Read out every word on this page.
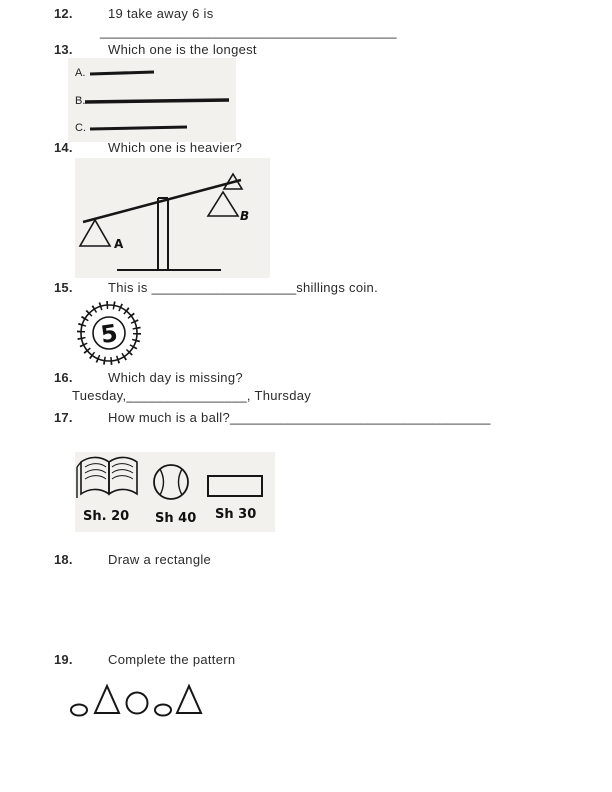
12.	19 take away 6 is
_________________________________________
13.	Which one is the longest
A.
B.
C.
14.	Which one is heavier?
B
A
15.	This is ____________________shillings coin.
5
16.	Which day is missing?
Tuesday,________________, Thursday
17.	How much is a ball?____________________________________
Sh. 20 Sh 40 Sh 30
18.	Draw a rectangle
19.	Complete the pattern
